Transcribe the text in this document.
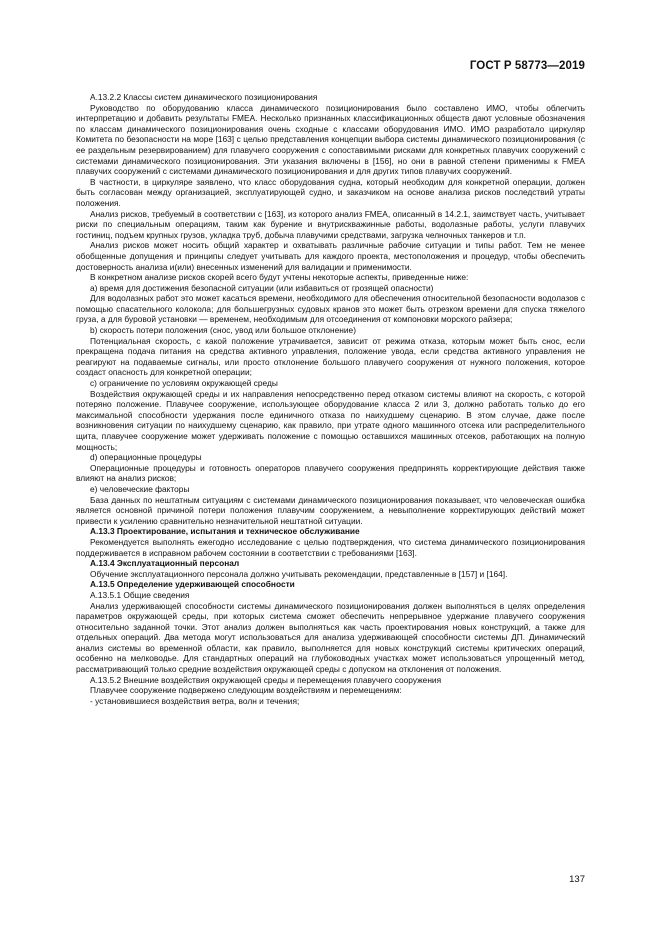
ГОСТ Р 58773—2019

А.13.2.2 Классы систем динамического позиционирования

Руководство по оборудованию класса динамического позиционирования было составлено ИМО, чтобы облегчить интерпретацию и добавить результаты FMEA. Несколько признанных классификационных обществ дают условные обозначения по классам динамического позиционирования очень сходные с классами оборудования ИМО. ИМО разработало циркуляр Комитета по безопасности на море [163] с целью представления концепции выбора системы динамического позиционирования (с ее раздельным резервированием) для плавучего сооружения с сопоставимыми рисками для конкретных плавучих сооружений с системами динамического позиционирования. Эти указания включены в [156], но они в равной степени применимы к FMEA плавучих сооружений с системами динамического позиционирования и для других типов плавучих сооружений.

В частности, в циркуляре заявлено, что класс оборудования судна, который необходим для конкретной операции, должен быть согласован между организацией, эксплуатирующей судно, и заказчиком на основе анализа рисков последствий утраты положения.

Анализ рисков, требуемый в соответствии с [163], из которого анализ FMEA, описанный в 14.2.1, заимствует часть, учитывает риски по специальным операциям, таким как бурение и внутрискважинные работы, водолазные работы, услуги плавучих гостиниц, подъем крупных грузов, укладка труб, добыча плавучими средствами, загрузка челночных танкеров и т.п.

Анализ рисков может носить общий характер и охватывать различные рабочие ситуации и типы работ. Тем не менее обобщенные допущения и принципы следует учитывать для каждого проекта, местоположения и процедур, чтобы обеспечить достоверность анализа и(или) внесенных изменений для валидации и применимости.

В конкретном анализе рисков скорей всего будут учтены некоторые аспекты, приведенные ниже:

а) время для достижения безопасной ситуации (или избавиться от грозящей опасности)

Для водолазных работ это может касаться времени, необходимого для обеспечения относительной безопасности водолазов с помощью спасательного колокола; для большегрузных судовых кранов это может быть отрезком времени для спуска тяжелого груза, а для буровой установки — временем, необходимым для отсоединения от компоновки морского райзера;

b) скорость потери положения (снос, увод или большое отклонение)

Потенциальная скорость, с какой положение утрачивается, зависит от режима отказа, которым может быть снос, если прекращена подача питания на средства активного управления, положение увода, если средства активного управления не реагируют на подаваемые сигналы, или просто отклонение большого плавучего сооружения от нужного положения, которое создаст опасность для конкретной операции;

с) ограничение по условиям окружающей среды

Воздействия окружающей среды и их направления непосредственно перед отказом системы влияют на скорость, с которой потеряно положение. Плавучее сооружение, использующее оборудование класса 2 или 3, должно работать только до его максимальной способности удержания после единичного отказа по наихудшему сценарию. В этом случае, даже после возникновения ситуации по наихудшему сценарию, как правило, при утрате одного машинного отсека или распределительного щита, плавучее сооружение может удерживать положение с помощью оставшихся машинных отсеков, работающих на полную мощность;

d) операционные процедуры

Операционные процедуры и готовность операторов плавучего сооружения предпринять корректирующие действия также влияют на анализ рисков;

е) человеческие факторы

База данных по нештатным ситуациям с системами динамического позиционирования показывает, что человеческая ошибка является основной причиной потери положения плавучим сооружением, а невыполнение корректирующих действий может привести к усилению сравнительно незначительной нештатной ситуации.

А.13.3 Проектирование, испытания и техническое обслуживание

Рекомендуется выполнять ежегодно исследование с целью подтверждения, что система динамического позиционирования поддерживается в исправном рабочем состоянии в соответствии с требованиями [163].

А.13.4 Эксплуатационный персонал

Обучение эксплуатационного персонала должно учитывать рекомендации, представленные в [157] и [164].

А.13.5 Определение удерживающей способности

А.13.5.1 Общие сведения

Анализ удерживающей способности системы динамического позиционирования должен выполняться в целях определения параметров окружающей среды, при которых система сможет обеспечить непрерывное удержание плавучего сооружения относительно заданной точки. Этот анализ должен выполняться как часть проектирования новых конструкций, а также для отдельных операций. Два метода могут использоваться для анализа удерживающей способности системы ДП. Динамический анализ системы во временной области, как правило, выполняется для новых конструкций системы критических операций, особенно на мелководье. Для стандартных операций на глубоководных участках может использоваться упрощенный метод, рассматривающий только средние воздействия окружающей среды с допуском на отклонения от положения.

А.13.5.2 Внешние воздействия окружающей среды и перемещения плавучего сооружения

Плавучее сооружение подвержено следующим воздействиям и перемещениям:

- установившиеся воздействия ветра, волн и течения;

137
